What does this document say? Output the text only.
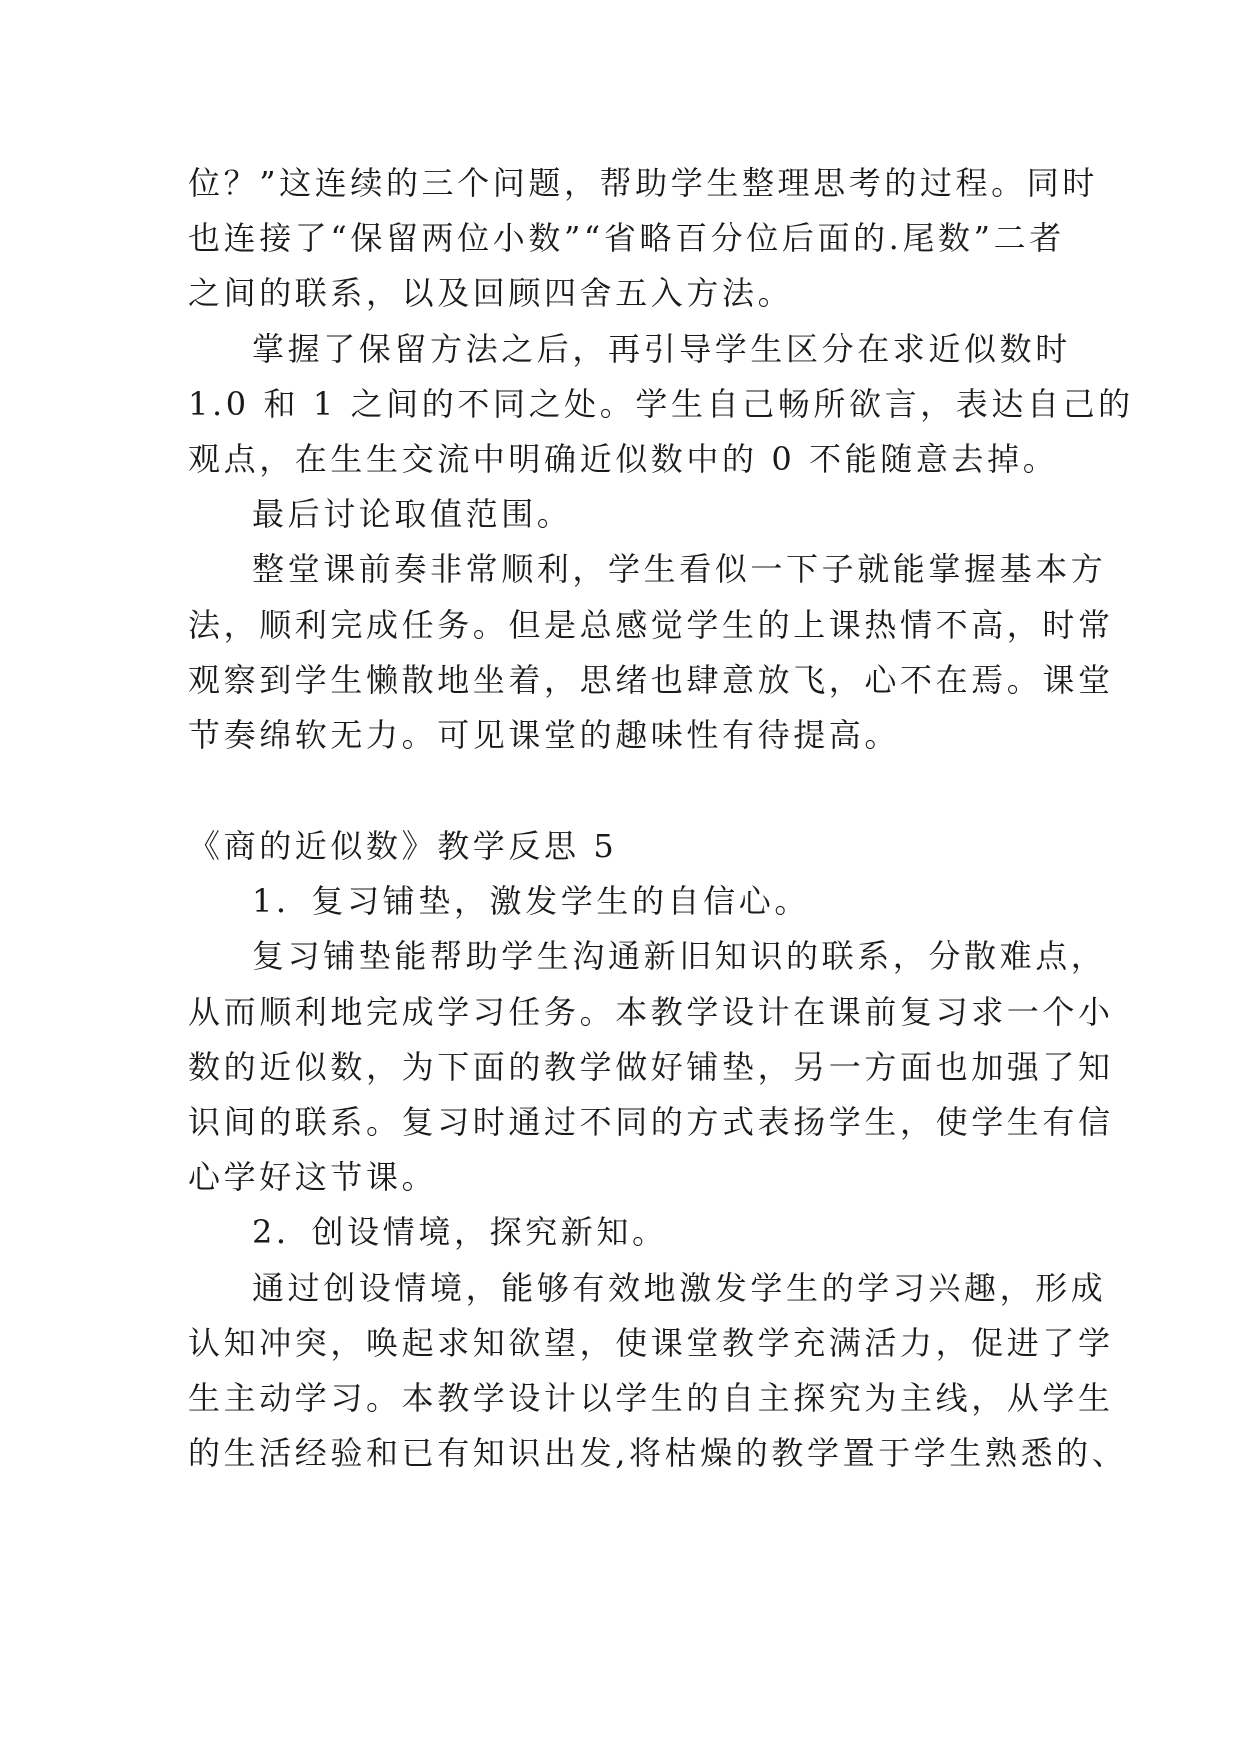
位？”这连续的三个问题，帮助学生整理思考的过程。同时
也连接了“保留两位小数”“省略百分位后面的.尾数”二者
之间的联系，以及回顾四舍五入方法。
掌握了保留方法之后，再引导学生区分在求近似数时
1.0 和 1 之间的不同之处。学生自己畅所欲言，表达自己的
观点，在生生交流中明确近似数中的 0 不能随意去掉。
最后讨论取值范围。
整堂课前奏非常顺利，学生看似一下子就能掌握基本方
法，顺利完成任务。但是总感觉学生的上课热情不高，时常
观察到学生懒散地坐着，思绪也肆意放飞，心不在焉。课堂
节奏绵软无力。可见课堂的趣味性有待提高。
《商的近似数》教学反思 5
1．复习铺垫，激发学生的自信心。
复习铺垫能帮助学生沟通新旧知识的联系，分散难点，
从而顺利地完成学习任务。本教学设计在课前复习求一个小
数的近似数，为下面的教学做好铺垫，另一方面也加强了知
识间的联系。复习时通过不同的方式表扬学生，使学生有信
心学好这节课。
2．创设情境，探究新知。
通过创设情境，能够有效地激发学生的学习兴趣，形成
认知冲突，唤起求知欲望，使课堂教学充满活力，促进了学
生主动学习。本教学设计以学生的自主探究为主线，从学生
的生活经验和已有知识出发,将枯燥的教学置于学生熟悉的、
